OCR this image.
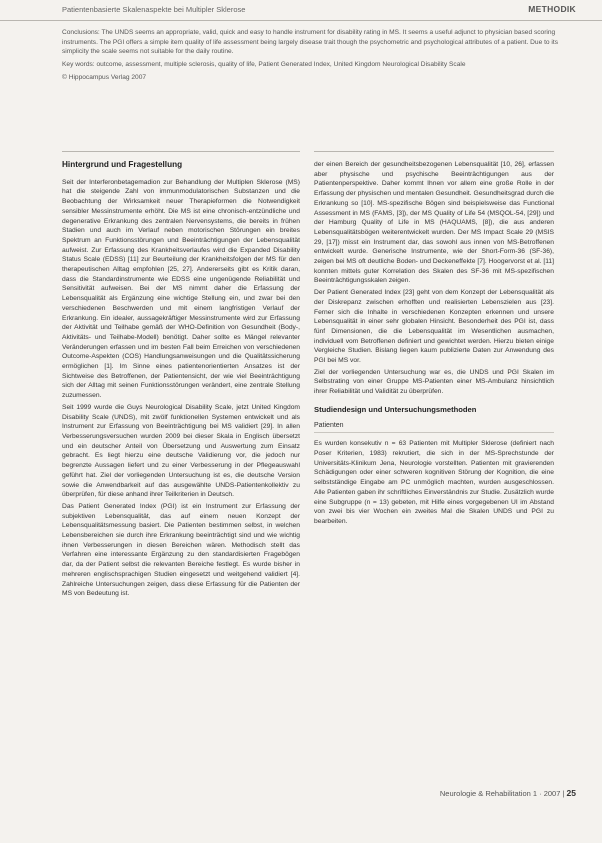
Patientenbasierte Skalenaspekte bei Multipler Sklerose	METHODIK

Conclusions: The UNDS seems an appropriate, valid, quick and easy to handle instrument for disability rating in MS. It seems a useful adjunct to physician based scoring instruments. The PGI offers a simple item quality of life assessment being largely disease trait though the psychometric and psychological attributes of a patient. Due to its simplicity the scale seems not suitable for the daily routine.

Key words: outcome, assessment, multiple sclerosis, quality of life, Patient Generated Index, United Kingdom Neurological Disability Scale

© Hippocampus Verlag 2007

Hintergrund und Fragestellung

Seit der Interferonbetagemadion zur Behandlung der Multiplen Sklerose (MS) hat die steigende Zahl von immunmodulatorischen Substanzen und die Beobachtung der Wirksamkeit neuer Therapieformen die Notwendigkeit sensibler Messinstrumente erhöht. Die MS ist eine chronisch-entzündliche und degenerative Erkrankung des zentralen Nervensystems, die bereits in frühen Stadien und auch im Verlauf neben motorischen Störungen ein breites Spektrum an Funktionsstörungen und Beeinträchtigungen der Lebensqualität aufweist. Zur Erfassung des Krankheitsverlaufes wird die Expanded Disability Status Scale (EDSS) [11] zur Beurteilung der Krankheitsfolgen der MS für den therapeutischen Alltag empfohlen [25, 27]. Andererseits gibt es Kritik daran, dass die Standardinstrumente wie EDSS eine ungenügende Reliabilität und Sensitivität aufweisen. Bei der MS nimmt daher die Erfassung der Lebensqualität als Ergänzung eine wichtige Stellung ein, und zwar bei den verschiedenen Beschwerden und mit einem langfristigen Verlauf der Erkrankung. Ein idealer, aussagekräftiger Messinstrumente wird zur Erfassung der Aktivität und Teilhabe gemäß der WHO-Definition von Gesundheit (Body-, Aktivitäts- und Teilhabe-Modell) benötigt. Daher sollte es Mängel relevanter Veränderungen erfassen und im besten Fall beim Erreichen von verschiedenen Outcome-Aspekten (COS) Handlungsanweisungen und die Qualitätssicherung ermöglichen [1]. Im Sinne eines patientenorientierten Ansatzes ist der Sichtweise des Betroffenen, der Patientensicht, der wie viel Beeinträchtigung sich der Alltag mit seinen Funktionsstörungen verändert, eine zentrale Stellung zuzumessen.

Seit 1999 wurde die Guys Neurological Disability Scale, jetzt United Kingdom Disability Scale (UNDS), mit zwölf funktionellen Systemen entwickelt und als Instrument zur Erfassung von Beeinträchtigung bei MS validiert [29]. In allen Verbesserungsversuchen wurden 2009 bei dieser Skala in Englisch übersetzt und ein deutscher Anteil von Übersetzung und Auswertung zum Einsatz gebracht. Es liegt hierzu eine deutsche Validierung vor, die jedoch nur begrenzte Aussagen liefert und zu einer Verbesserung in der Pflegeauswahl geführt hat. Ziel der vorliegenden Untersuchung ist es, die deutsche Version sowie die Anwendbarkeit auf das ausgewählte UNDS-Patientenkollektiv zu überprüfen, für diese anhand ihrer Teilkriterien in Deutsch.

Das Patient Generated Index (PGI) ist ein Instrument zur Erfassung der subjektiven Lebensqualität, das auf einem neuen Konzept der Lebensqualitätsmessung basiert. Die Patienten bestimmen selbst, in welchen Lebensbereichen sie durch ihre Erkrankung beeinträchtigt sind und wie wichtig ihnen Verbesserungen in diesen Bereichen wären. Methodisch stellt das Verfahren eine interessante Ergänzung zu den standardisierten Fragebögen dar, da der Patient selbst die relevanten Bereiche festlegt. Es wurde bisher in mehreren englischsprachigen Studien eingesetzt und weitgehend validiert [4]. Zahlreiche Untersuchungen zeigen, dass diese Erfassung für die Patienten der MS von Bedeutung ist.

der einen Bereich der gesundheitsbezogenen Lebensqualität [10, 26], erfassen aber physische und psychische Beeinträchtigungen aus der Patientenperspektive. Daher kommt Ihnen vor allem eine große Rolle in der Erfassung der physischen und mentalen Gesundheit. Gesundheitsgrad durch die Erkrankung so [10]. MS-spezifische Bögen sind beispielsweise das Functional Assessment in MS (FAMS, [3]), der MS Quality of Life 54 (MSQOL-54, [29]) und der Hamburg Quality of Life in MS (HAQUAMS, [8]), die aus anderen Lebensqualitätsbögen weiterentwickelt wurden. Der MS Impact Scale 29 (MSIS 29, [17]) misst ein Instrument dar, das sowohl aus innen von MS-Betroffenen entwickelt wurde. Generische Instrumente, wie der Short-Form-36 (SF-36), zeigen bei MS oft deutliche Boden- und Deckeneffekte [7]. Hoogervorst et al. [11] konnten mittels guter Korrelation des Skalen des SF-36 mit MS-spezifischen Beeinträchtigungsskalen zeigen.

Der Patient Generated Index [23] geht von dem Konzept der Lebensqualität als der Diskrepanz zwischen erhofften und realisierten Lebenszielen aus [23]. Ferner sich die Inhalte in verschiedenen Konzepten erkennen und unsere Lebensqualität in einer sehr globalen Hinsicht. Besonderheit des PGI ist, dass fünf Dimensionen, die die Lebensqualität im Wesentlichen ausmachen, individuell vom Betroffenen definiert und gewichtet werden. Hierzu bieten einige Vergleiche Studien. Bislang liegen kaum publizierte Daten zur Anwendung des PGI bei MS vor.

Ziel der vorliegenden Untersuchung war es, die UNDS und PGI Skalen im Selbstrating von einer Gruppe MS-Patienten einer MS-Ambulanz hinsichtlich ihrer Reliabilität und Validität zu überprüfen.

Studiendesign und Untersuchungsmethoden
Patienten

Es wurden konsekutiv n = 63 Patienten mit Multipler Sklerose (definiert nach Poser Kriterien, 1983) rekrutiert, die sich in der MS-Sprechstunde der Universitäts-Klinikum Jena, Neurologie vorstellten. Patienten mit gravierenden Schädigungen oder einer schweren kognitiven Störung der Kognition, die eine selbstständige Eingabe am PC unmöglich machten, wurden ausgeschlossen. Alle Patienten gaben ihr schriftliches Einverständnis zur Studie. Zusätzlich wurde eine Subgruppe (n = 13) gebeten, mit Hilfe eines vorgegebenen UI im Abstand von zwei bis vier Wochen ein zweites Mal die Skalen UNDS und PGI zu bearbeiten.

Neurologie & Rehabilitation 1 · 2007 | 25
